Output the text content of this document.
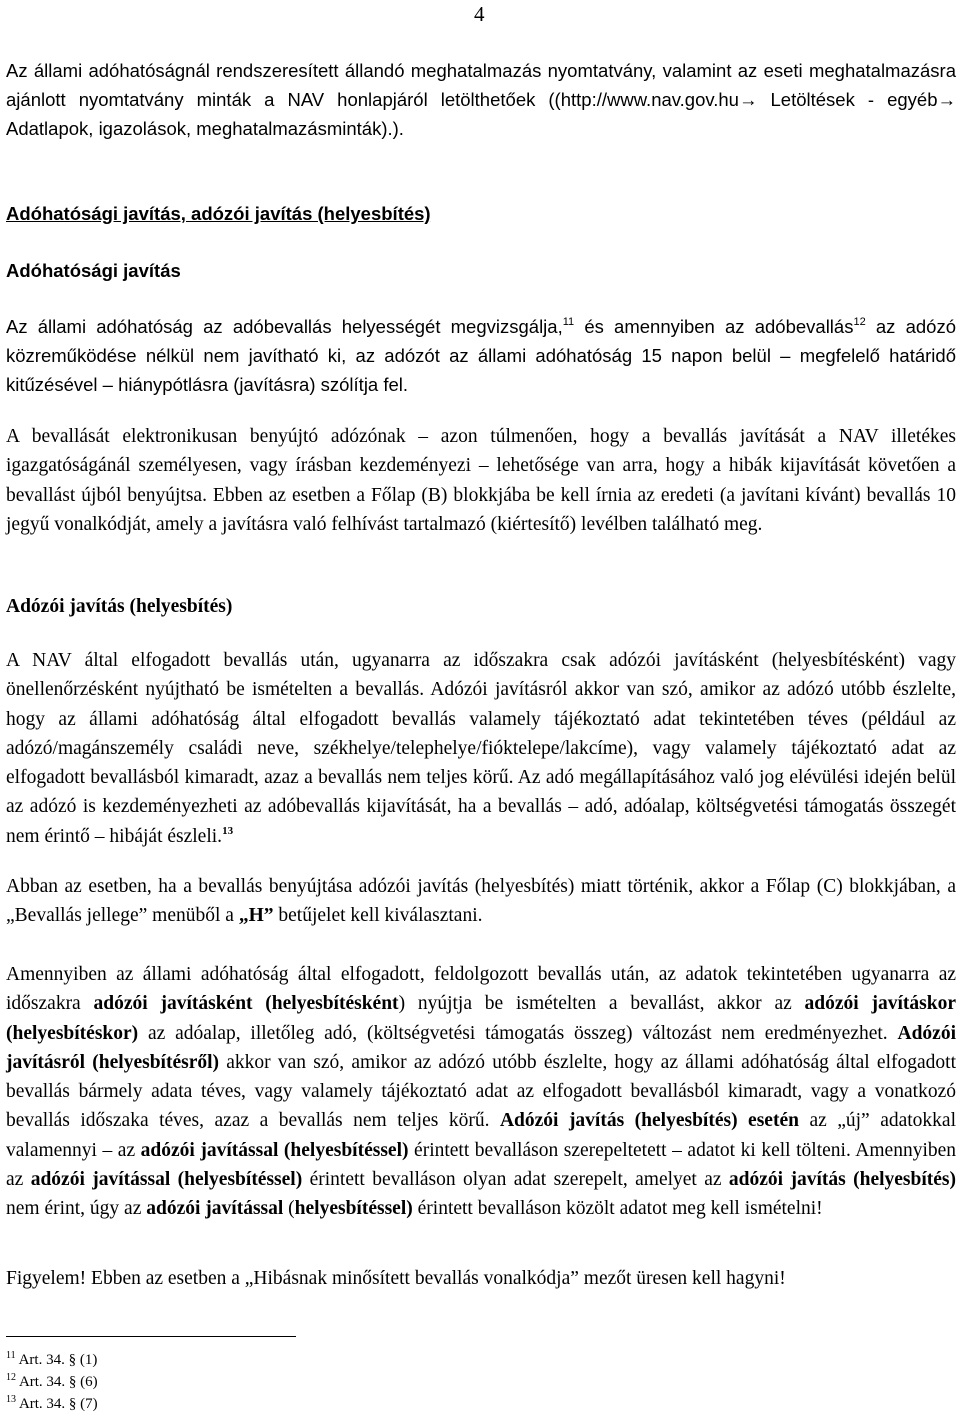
4
Az állami adóhatóságnál rendszeresített állandó meghatalmazás nyomtatvány, valamint az eseti meghatalmazásra ajánlott nyomtatvány minták a NAV honlapjáról letölthetőek ((http://www.nav.gov.hu→ Letöltések - egyéb→ Adatlapok, igazolások, meghatalmazásminták).).
Adóhatósági javítás, adózói javítás (helyesbítés)
Adóhatósági javítás
Az állami adóhatóság az adóbevallás helyességét megvizsgálja,$^{11}$ és amennyiben az adóbevallás$^{12}$ az adózó közreműködése nélkül nem javítható ki, az adózót az állami adóhatóság 15 napon belül – megfelelő határidő kitűzésével – hiánypótlásra (javításra) szólítja fel.
A bevallását elektronikusan benyújtó adózónak – azon túlmenően, hogy a bevallás javítását a NAV illetékes igazgatóságánál személyesen, vagy írásban kezdeményezi – lehetősége van arra, hogy a hibák kijavítását követően a bevallást újból benyújtsa. Ebben az esetben a Főlap (B) blokkjába be kell írnia az eredeti (a javítani kívánt) bevallás 10 jegyű vonalkódját, amely a javításra való felhívást tartalmazó (kiértesítő) levélben található meg.
Adózói javítás (helyesbítés)
A NAV által elfogadott bevallás után, ugyanarra az időszakra csak adózói javításként (helyesbítésként) vagy önellenőrzésként nyújtható be ismételten a bevallás. Adózói javításról akkor van szó, amikor az adózó utóbb észlelte, hogy az állami adóhatóság által elfogadott bevallás valamely tájékoztató adat tekintetében téves (például az adózó/magánszemély családi neve, székhelye/telephelye/fióktelepe/lakcíme), vagy valamely tájékoztató adat az elfogadott bevallásból kimaradt, azaz a bevallás nem teljes körű. Az adó megállapításához való jog elévülési idején belül az adózó is kezdeményezheti az adóbevallás kijavítását, ha a bevallás – adó, adóalap, költségvetési támogatás összegét nem érintő – hibáját észleli.$^{13}$
Abban az esetben, ha a bevallás benyújtása adózói javítás (helyesbítés) miatt történik, akkor a Főlap (C) blokkjában, a „Bevallás jellege” menüből a „H” betűjelet kell kiválasztani.
Amennyiben az állami adóhatóság által elfogadott, feldolgozott bevallás után, az adatok tekintetében ugyanarra az időszakra adózói javításként (helyesbítésként) nyújtja be ismételten a bevallást, akkor az adózói javításkor (helyesbítéskor) az adóalap, illetőleg adó, (költségvetési támogatás összeg) változást nem eredményezhet. Adózói javításról (helyesbítésről) akkor van szó, amikor az adózó utóbb észlelte, hogy az állami adóhatóság által elfogadott bevallás bármely adata téves, vagy valamely tájékoztató adat az elfogadott bevallásból kimaradt, vagy a vonatkozó bevallás időszaka téves, azaz a bevallás nem teljes körű. Adózói javítás (helyesbítés) esetén az „új” adatokkal valamennyi – az adózói javítással (helyesbítéssel) érintett bevalláson szerepeltetett – adatot ki kell tölteni. Amennyiben az adózói javítással (helyesbítéssel) érintett bevalláson olyan adat szerepelt, amelyet az adózói javítás (helyesbítés) nem érint, úgy az adózói javítással (helyesbítéssel) érintett bevalláson közölt adatot meg kell ismételni!
Figyelem! Ebben az esetben a „Hibásnak minősített bevallás vonalkódja” mezőt üresen kell hagyni!
$^{11}$ Art. 34. § (1)
$^{12}$ Art. 34. § (6)
$^{13}$ Art. 34. § (7)
